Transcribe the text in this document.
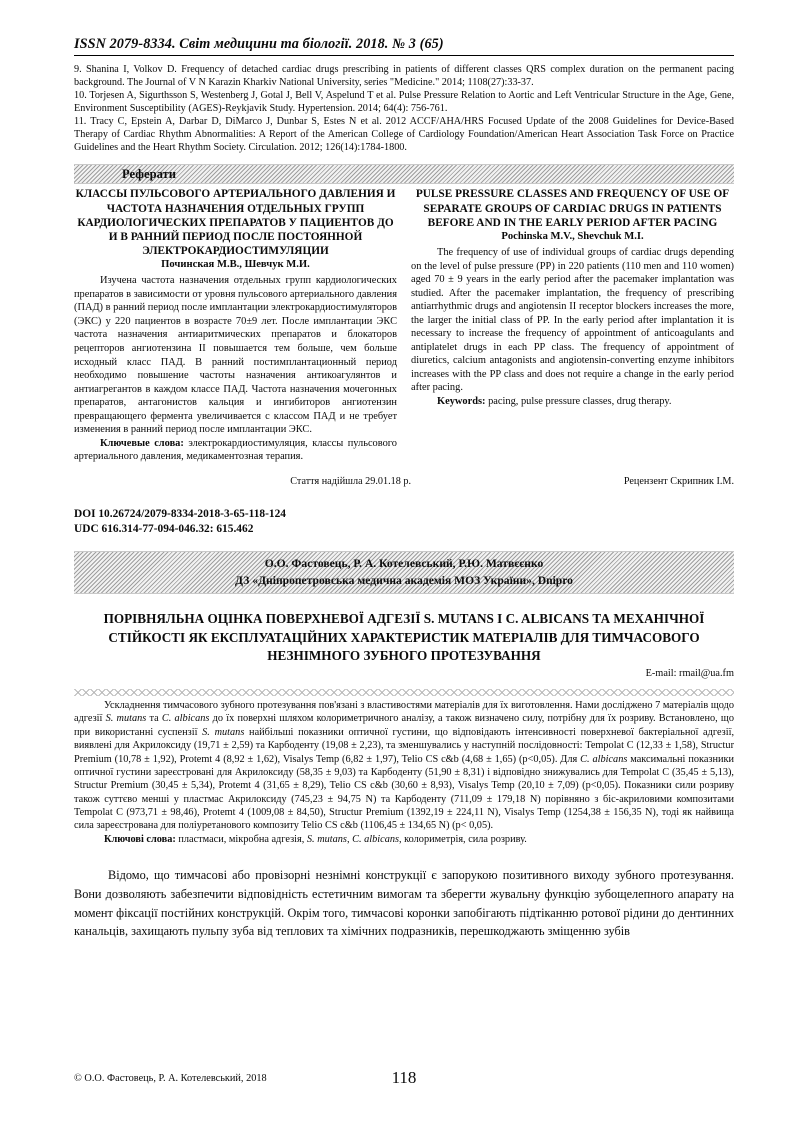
ISSN 2079-8334. Світ медицини та біології. 2018. № 3 (65)

9. Shanina I, Volkov D. Frequency of detached cardiac drugs prescribing in patients of different classes QRS complex duration on the permanent pacing background. The Journal of V N Karazin Kharkiv National University, series "Medicine." 2014; 1108(27):33-37.

10. Torjesen A, Sigurthsson S, Westenberg J, Gotal J, Bell V, Aspelund T et al. Pulse Pressure Relation to Aortic and Left Ventricular Structure in the Age, Gene, Environment Susceptibility (AGES)-Reykjavik Study. Hypertension. 2014; 64(4): 756-761.

11. Tracy C, Epstein A, Darbar D, DiMarco J, Dunbar S, Estes N et al. 2012 ACCF/AHA/HRS Focused Update of the 2008 Guidelines for Device-Based Therapy of Cardiac Rhythm Abnormalities: A Report of the American College of Cardiology Foundation/American Heart Association Task Force on Practice Guidelines and the Heart Rhythm Society. Circulation. 2012; 126(14):1784-1800.

Реферати
КЛАССЫ ПУЛЬСОВОГО АРТЕРИАЛЬНОГО ДАВЛЕНИЯ И ЧАСТОТА НАЗНАЧЕНИЯ ОТДЕЛЬНЫХ ГРУПП КАРДИОЛОГИЧЕСКИХ ПРЕПАРАТОВ У ПАЦИЕНТОВ ДО И В РАННИЙ ПЕРИОД ПОСЛЕ ПОСТОЯННОЙ ЭЛЕКТРОКАРДИОСТИМУЛЯЦИИ
Починская М.В., Шевчук М.И.

Изучена частота назначения отдельных групп кардиологических препаратов в зависимости от уровня пульсового артериального давления (ПАД) в ранний период после имплантации электрокардиостимуляторов (ЭКС) у 220 пациентов в возрасте 70±9 лет. После имплантации ЭКС частота назначения антиаритмических препаратов и блокаторов рецепторов ангиотензина II повышается тем больше, чем больше исходный класс ПАД. В ранний постимплантационный период необходимо повышение частоты назначения антикоагулянтов и антиагрегантов в каждом классе ПАД. Частота назначения мочегонных препаратов, антагонистов кальция и ингибиторов ангиотензин превращающего фермента увеличивается с классом ПАД и не требует изменения в ранний период после имплантации ЭКС.

Ключевые слова: электрокардиостимуляция, классы пульсового артериального давления, медикаментозная терапия.

PULSE PRESSURE CLASSES AND FREQUENCY OF USE OF SEPARATE GROUPS OF CARDIAC DRUGS IN PATIENTS BEFORE AND IN THE EARLY PERIOD AFTER PACING
Pochinska M.V., Shevchuk M.I.

The frequency of use of individual groups of cardiac drugs depending on the level of pulse pressure (PP) in 220 patients (110 men and 110 women) aged 70 ± 9 years in the early period after the pacemaker implantation was studied. After the pacemaker implantation, the frequency of prescribing antiarrhythmic drugs and angiotensin II receptor blockers increases the more, the larger the initial class of PP. In the early period after implantation it is necessary to increase the frequency of appointment of anticoagulants and antiplatelet drugs in each PP class. The frequency of appointment of diuretics, calcium antagonists and angiotensin-converting enzyme inhibitors increases with the PP class and does not require a change in the early period after pacing.

Keywords: pacing, pulse pressure classes, drug therapy.

Стаття надійшла 29.01.18 р.	Рецензент Скрипник І.М.
DOI 10.26724/2079-8334-2018-3-65-118-124
UDC 616.314-77-094-046.32: 615.462
О.О. Фастовець, Р. А. Котелевський, Р.Ю. Матвєєнко
ДЗ «Дніпропетровська медична академія МОЗ України», Dnipro
ПОРІВНЯЛЬНА ОЦІНКА ПОВЕРХНЕВОЇ АДГЕЗІЇ S. MUTANS І C. ALBICANS ТА МЕХАНІЧНОЇ СТІЙКОСТІ ЯК ЕКСПЛУАТАЦІЙНИХ ХАРАКТЕРИСТИК МАТЕРІАЛІВ ДЛЯ ТИМЧАСОВОГО НЕЗНІМНОГО ЗУБНОГО ПРОТЕЗУВАННЯ
E-mail: rmail@ua.fm

Ускладнення тимчасового зубного протезування пов'язані з властивостями матеріалів для їх виготовлення. Нами досліджено 7 матеріалів щодо адгезії S. mutans та C. albicans до їх поверхні шляхом колориметричного аналізу, а також визначено силу, потрібну для їх розриву. Встановлено, що при використанні суспензії S. mutans найбільші показники оптичної густини, що відповідають інтенсивності поверхневої бактеріальної адгезії, виявлені для Акрилоксиду (19,71 ± 2,59) та Карбоденту (19,08 ± 2,23), та зменшувались у наступній послідовності: Tempolat C (12,33 ± 1,58), Structur Premium (10,78 ± 1,92), Protemt 4 (8,92 ± 1,62), Visalys Temp (6,82 ± 1,97), Telio CS c&b (4,68 ± 1,65) (p<0,05). Для C. albicans максимальні показники оптичної густини зареєстровані для Акрилоксиду (58,35 ± 9,03) та Карбоденту (51,90 ± 8,31) і відповідно знижувались для Tempolat C (35,45 ± 5,13), Structur Premium (30,45 ± 5,34), Protemt 4 (31,65 ± 8,29), Telio CS c&b (30,60 ± 8,93), Visalys Temp (20,10 ± 7,09) (p<0,05). Показники сили розриву також суттєво менші у пластмас Акрилоксиду (745,23 ± 94,75 N) та Карбоденту (711,09 ± 179,18 N) порівняно з біс-акриловими композитами Tempolat C (973,71 ± 98,46), Protemt 4 (1009,08 ± 84,50), Structur Premium (1392,19 ± 224,11 N), Visalys Temp (1254,38 ± 156,35 N), тоді як найвища сила зареєстрована для поліуретанового композиту Telio CS c&b (1106,45 ± 134,65 N) (p< 0,05).

Ключові слова: пластмаси, мікробна адгезія, S. mutans, C. albicans, колориметрія, сила розриву.

Відомо, що тимчасові або провізорні незнімні конструкції є запорукою позитивного виходу зубного протезування. Вони дозволяють забезпечити відповідність естетичним вимогам та зберегти жувальну функцію зубощелепного апарату на момент фіксації постійних конструкцій. Окрім того, тимчасові коронки запобігають підтіканню ротової рідини до дентинних канальців, захищають пульпу зуба від теплових та хімічних подразників, перешкоджають зміщенню зубів

© О.О. Фастовець, Р. А. Котелевський, 2018	118
